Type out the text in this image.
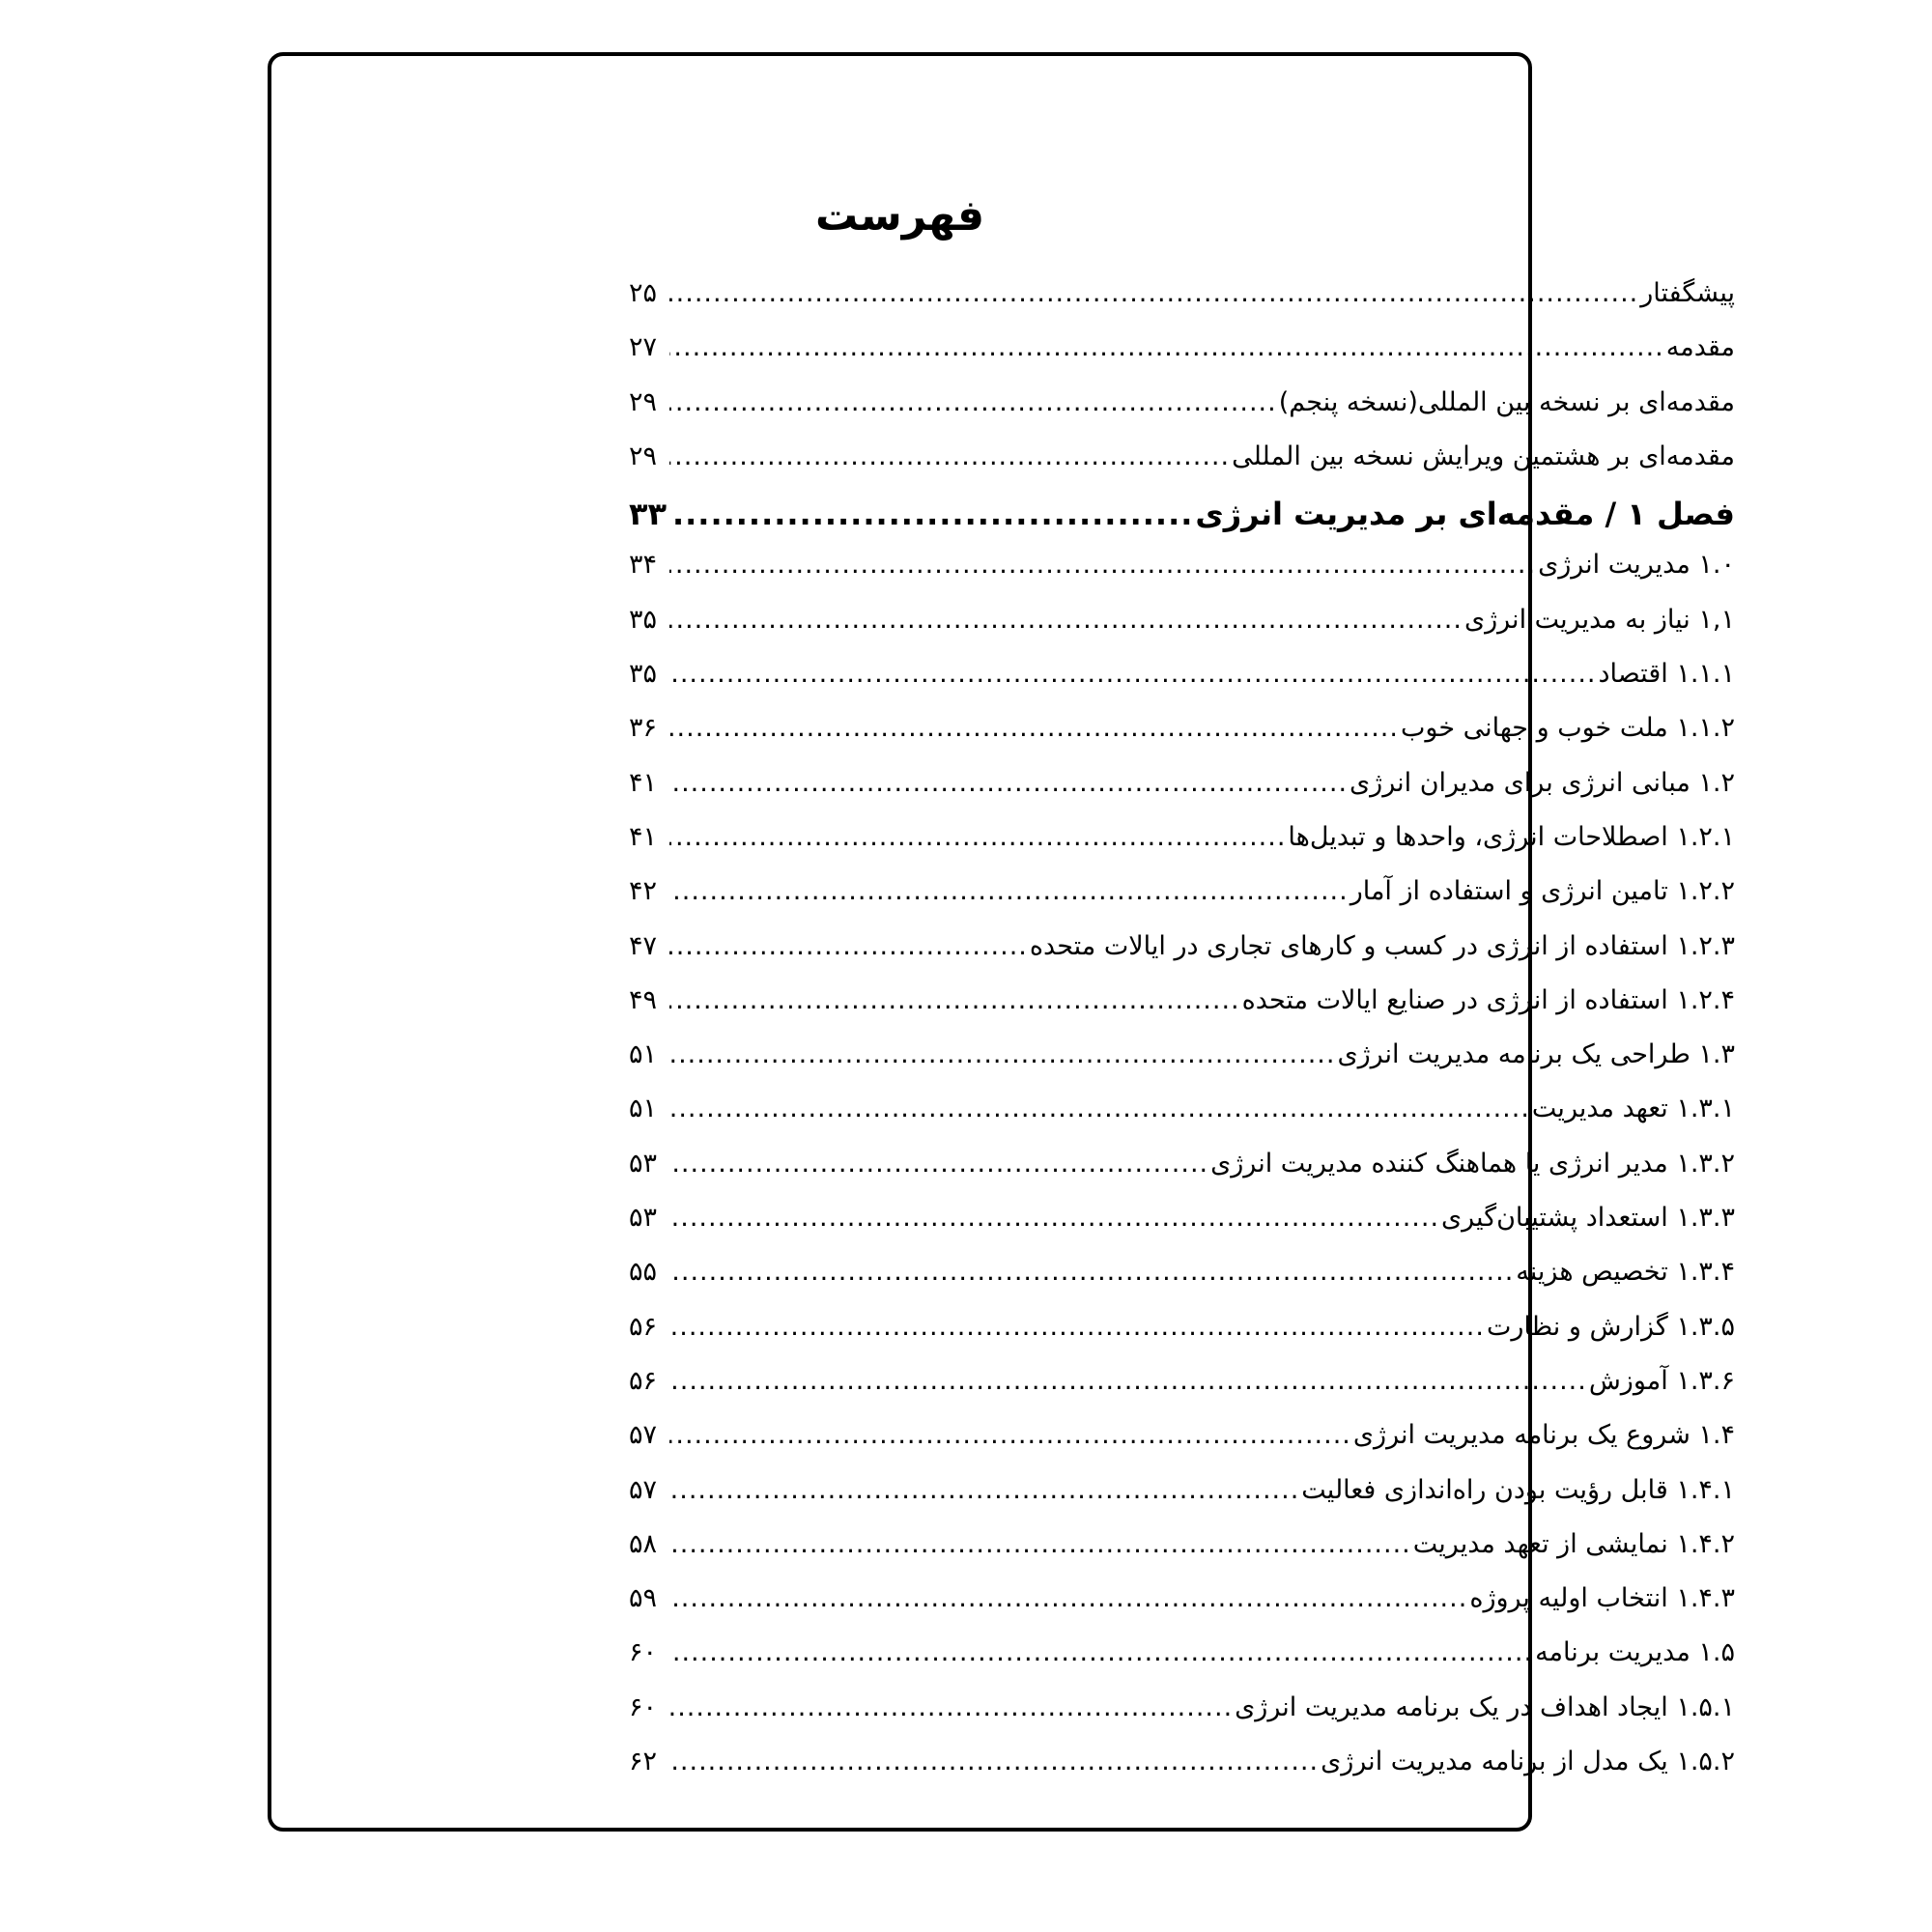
فهرست
پیشگفتار
.....
۲۵
مقدمه
.....
۲۷
مقدمه‌ای بر نسخه بین المللی(نسخه پنجم)
.....
۲۹
مقدمه‌ای بر هشتمین ویرایش نسخه بین المللی
.....
۲۹
فصل ۱ / مقدمه‌ای بر مدیریت انرژی
.....
۳۳
۱.۰ مدیریت انرژی
.....
۳۴
۱,۱ نیاز به مدیریت انرژی
.....
۳۵
۱.۱.۱ اقتصاد
.....
۳۵
۱.۱.۲ ملت خوب و جهانی خوب
.....
۳۶
۱.۲ مبانی انرژی برای مدیران انرژی
.....
۴۱
۱.۲.۱ اصطلاحات انرژی، واحدها و تبدیل‌ها
.....
۴۱
۱.۲.۲ تامین انرژی و استفاده از آمار
.....
۴۲
۱.۲.۳ استفاده از انرژی در کسب و کارهای تجاری در ایالات متحده
.....
۴۷
۱.۲.۴ استفاده از انرژی در صنایع ایالات متحده
.....
۴۹
۱.۳ طراحی یک برنامه مدیریت انرژی
.....
۵۱
۱.۳.۱ تعهد مدیریت
.....
۵۱
۱.۳.۲ مدیر انرژی یا هماهنگ کننده مدیریت انرژی
.....
۵۳
۱.۳.۳ استعداد پشتیبان‌گیری
.....
۵۳
۱.۳.۴ تخصیص هزینه
.....
۵۵
۱.۳.۵ گزارش و نظارت
.....
۵۶
۱.۳.۶ آموزش
.....
۵۶
۱.۴ شروع یک برنامه مدیریت انرژی
.....
۵۷
۱.۴.۱ قابل رؤیت بودن راه‌اندازی فعالیت
.....
۵۷
۱.۴.۲ نمایشی از تعهد مدیریت
.....
۵۸
۱.۴.۳ انتخاب اولیه پروژه
.....
۵۹
۱.۵ مدیریت برنامه
.....
۶۰
۱.۵.۱ ایجاد اهداف در یک برنامه مدیریت انرژی
.....
۶۰
۱.۵.۲ یک مدل از برنامه مدیریت انرژی
.....
۶۲
